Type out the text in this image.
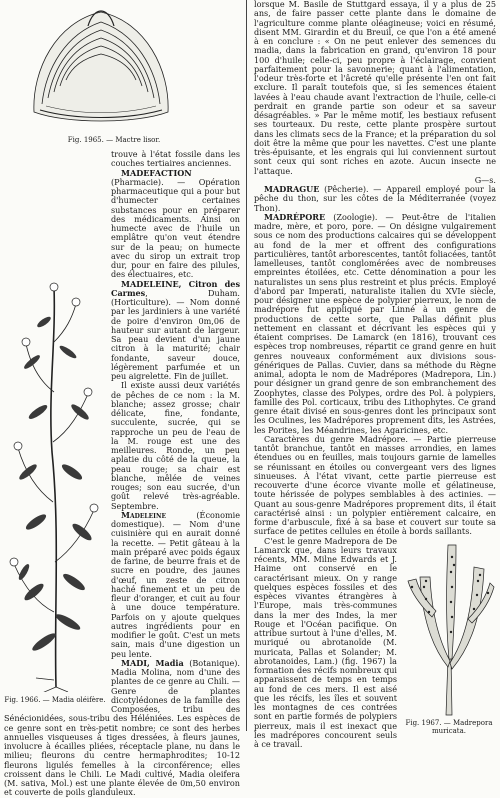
Fig. 1965. — Mactre lisor.
Fig. 1966. — Madia oléifère.

trouve à l'état fossile dans les couches tertiaires anciennes.

MADEFACTION (Pharmacie). — Opération pharmaceutique qui a pour but d'humecter certaines substances pour en préparer des médicaments. Ainsi on humecte avec de l'huile un emplâtre qu'on veut étendre sur de la peau; on humecte avec du sirop un extrait trop dur, pour en faire des pilules, des électuaires, etc.

MADELEINE, Citron des Carmes, Duham. (Horticulture). — Nom donné par les jardiniers à une variété de poire d'environ 0m,06 de hauteur sur autant de largeur. Sa peau devient d'un jaune citron à la maturité; chair fondante, saveur douce, légèrement parfumée et un peu aigrelette. Fin de juillet.

Il existe aussi deux variétés de pêches de ce nom : la M. blanche; assez grosse; chair délicate, fine, fondante, succulente, sucrée, qui se rapproche un peu de l'eau de la M. rouge est une des meilleures. Ronde, un peu aplatie du côté de la queue, la peau rouge; sa chair est blanche, mêlée de veines rouges; son eau sucrée, d'un goût relevé très-agréable. Septembre.

Madeleine (Économie domestique). — Nom d'une cuisinière qui en aurait donné la recette. — Petit gâteau à la main préparé avec poids égaux de farine, de beurre frais et de sucre en poudre, des jaunes d'œuf, un zeste de citron haché finement et un peu de fleur d'oranger, et cuit au four à une douce température. Parfois on y ajoute quelques autres ingrédients pour en modifier le goût. C'est un mets sain, mais d'une digestion un peu lente.

MADI, Madia (Botanique). Madia Molina, nom d'une des plantes de ce genre au Chili. — Genre de plantes dicotylédones de la famille des Composées, tribu des Sénécionidées, sous-tribu des Héléniées. Les espèces de ce genre sont en très-petit nombre; ce sont des herbes annuelles visqueuses à tiges dressées, à fleurs jaunes, involucre à écailles pliées, réceptacle plane, nu dans le milieu; fleurons du centre hermaphrodites; 10-12 fleurons ligulés femelles à la circonférence; elles croissent dans le Chili. Le Madi cultivé, Madia oleifera (M. sativa, Mol.) est une plante élevée de 0m,50 environ et couverte de poils glanduleux.

lorsque M. Basile de Stuttgard essaya, il y a plus de 25 ans, de faire passer cette plante dans le domaine de l'agriculture comme plante oléagineuse; voici en résumé, disent MM. Girardin et du Breuil, ce que l'on a été amené à en conclure : « On ne peut enlever des semences du madia, dans la fabrication en grand, qu'environ 18 pour 100 d'huile; celle-ci, peu propre à l'éclairage, convient parfaitement pour la savonnerie; quant à l'alimentation, l'odeur très-forte et l'âcreté qu'elle présente l'en ont fait exclure. Il paraît toutefois que, si les semences étaient lavées à l'eau chaude avant l'extraction de l'huile, celle-ci perdrait en grande partie son odeur et sa saveur désagréables. » Par le même motif, les bestiaux refusent ses tourteaux. Du reste, cette plante prospère surtout dans les climats secs de la France; et la préparation du sol doit être la même que pour les navettes. C'est une plante très-épuisante, et les engrais qui lui conviennent surtout sont ceux qui sont riches en azote. Aucun insecte ne l'attaque.

G—s.

MADRAGUE (Pêcherie). — Appareil employé pour la pêche du thon, sur les côtes de la Méditerranée (voyez Thon).

MADRÉPORE (Zoologie). — Peut-être de l'italien madre, mère, et poro, pore. — On désigne vulgairement sous ce nom des productions calcaires qui se développent au fond de la mer et offrent des configurations particulières, tantôt arborescentes, tantôt foliacées, tantôt lamelleuses, tantôt conglomérées avec de nombreuses empreintes étoilées, etc. Cette dénomination a pour les naturalistes un sens plus restreint et plus précis. Employé d'abord par Imperati, naturaliste italien du XVIe siècle, pour désigner une espèce de polypier pierreux, le nom de madrépore fut appliqué par Linné à un genre de productions de cette sorte, que Pallas définit plus nettement en classant et décrivant les espèces qui y étaient comprises. De Lamarck (en 1816), trouvant ces espèces trop nombreuses, répartit ce grand genre en huit genres nouveaux conformément aux divisions sous-génériques de Pallas. Cuvier, dans sa méthode du Règne animal, adopta le nom de Madrépores (Madrepora, Lin.) pour désigner un grand genre de son embranchement des Zoophytes, classe des Polypes, ordre des Pol. à polypiers, famille des Pol. corticaux, tribu des Lithophytes. Ce grand genre était divisé en sous-genres dont les principaux sont les Oculines, les Madrépores proprement dits, les Astrées, les Porites, les Méandrines, les Agaricines, etc.

Caractères du genre Madrépore. — Partie pierreuse tantôt branchue, tantôt en masses arrondies, en lames étendues ou en feuilles, mais toujours garnie de lamelles se réunissant en étoiles ou convergeant vers des lignes sinueuses. À l'état vivant, cette partie pierreuse est recouverte d'une écorce vivante molle et gélatineuse, toute hérissée de polypes semblables à des actinies. — Quant au sous-genre Madrépores proprement dits, il était caractérisé ainsi : un polypier entièrement calcaire, en forme d'arbuscule, fixé à sa base et couvert sur toute sa surface de petites cellules en étoile à bords saillants.

Fig. 1967. — Madrepora muricata.

C'est le genre Madrepora de De Lamarck que, dans leurs travaux récents, MM. Milne Edwards et J. Haime ont conservé en le caractérisant mieux. On y range quelques espèces fossiles et des espèces vivantes étrangères à l'Europe, mais très-communes dans la mer des Indes, la mer Rouge et l'Océan pacifique. On attribue surtout à l'une d'elles, M. muriqué ou abrotanoïde (M. muricata, Pallas et Solander; M. abrotanoides, Lam.) (fig. 1967) la formation des récifs nombreux qui apparaissent de temps en temps au fond de ces mers. Il est aisé que les récifs, les îles et souvent les montagnes de ces contrées sont en partie formés de polypiers pierreux, mais il est inexact que les madrépores concourent seuls à ce travail.
